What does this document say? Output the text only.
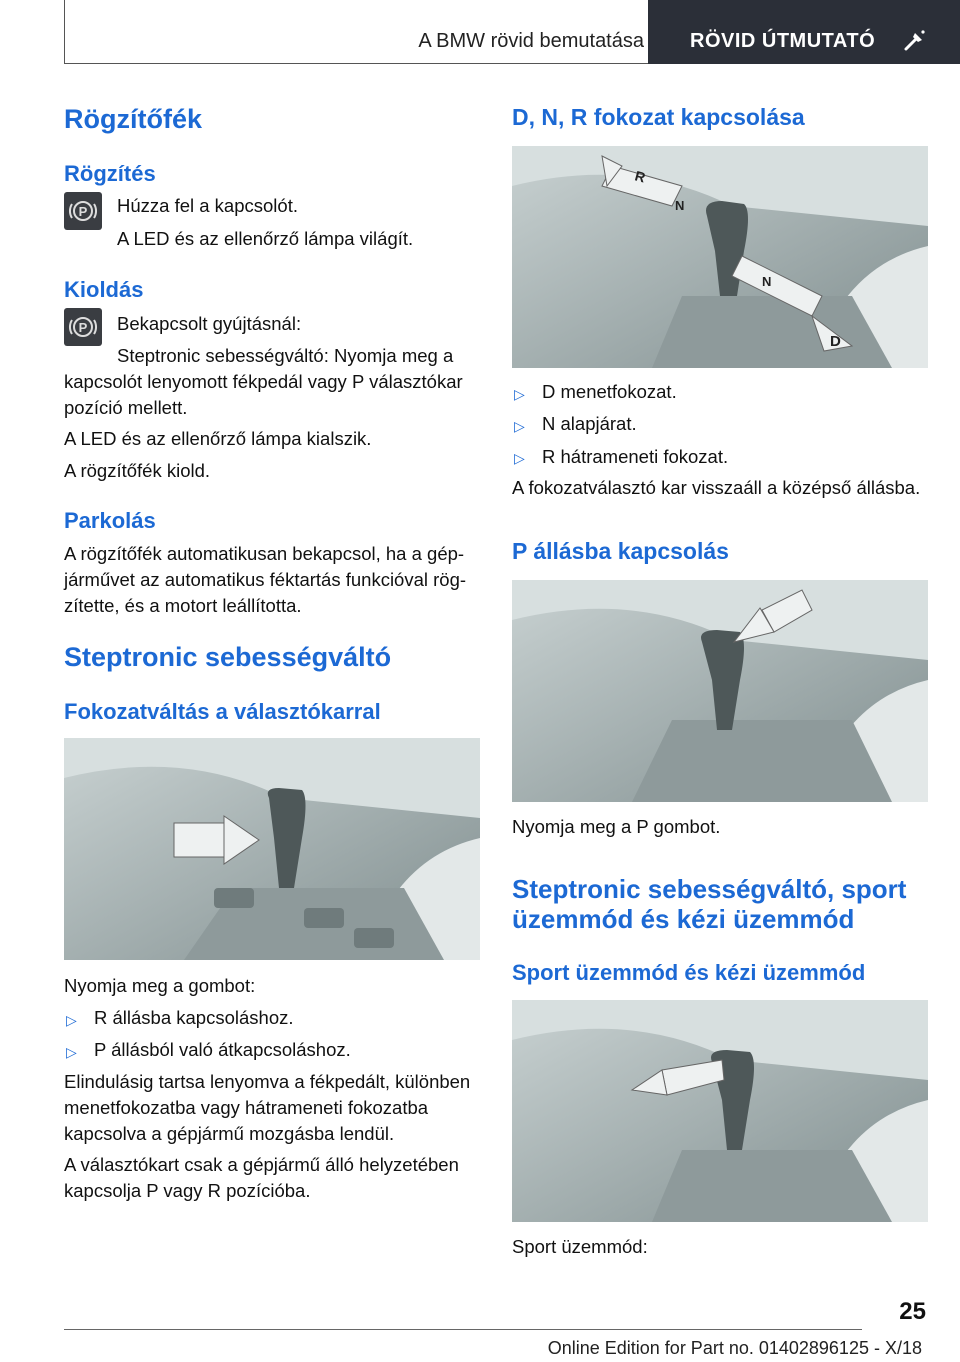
A BMW rövid bemutatása RÖVID ÚTMUTATÓ
Rögzítőfék
Rögzítés
P Húzza fel a kapcsolót.
A LED és az ellenőrző lámpa világít.
Kioldás
P Bekapcsolt gyújtásnál:
Steptronic sebességváltó: Nyomja meg a
kapcsolót lenyomott fékpedál vagy P választókar
pozíció mellett.
A LED és az ellenőrző lámpa kialszik.
A rögzítőfék kiold.
Parkolás
A rögzítőfék automatikusan bekapcsol, ha a gép-
járművet az automatikus féktartás funkcióval rög-
zítette, és a motort leállította.
Steptronic sebességváltó
Fokozatváltás a választókarral
Nyomja meg a gombot:
▷ R állásba kapcsoláshoz.
▷ P állásból való átkapcsoláshoz.
Elindulásig tartsa lenyomva a fékpedált, különben
menetfokozatba vagy hátrameneti fokozatba
kapcsolva a gépjármű mozgásba lendül.
A választókart csak a gépjármű álló helyzetében
kapcsolja P vagy R pozícióba.
D, N, R fokozat kapcsolása
R
N
N
D
▷ D menetfokozat.
▷ N alapjárat.
▷ R hátrameneti fokozat.
A fokozatválasztó kar visszaáll a középső állásba.
P állásba kapcsolás
Nyomja meg a P gombot.
Steptronic sebességváltó, sport
üzemmód és kézi üzemmód
Sport üzemmód és kézi üzemmód
Sport üzemmód:
25
Online Edition for Part no. 01402896125 - X/18
